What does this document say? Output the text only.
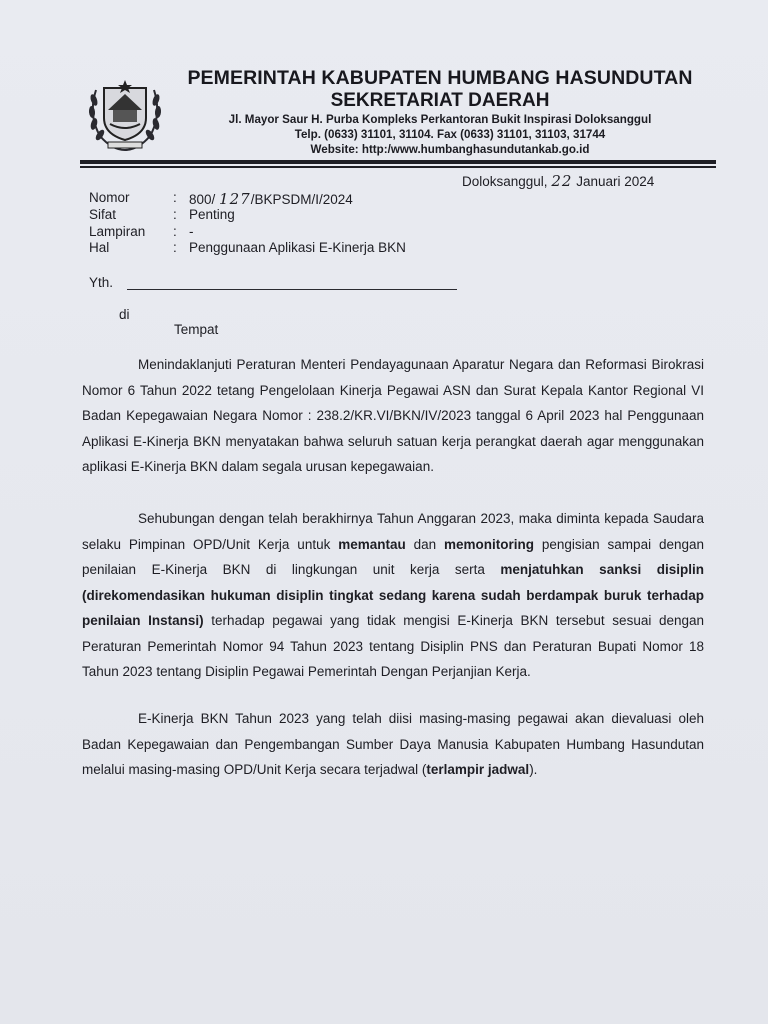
PEMERINTAH KABUPATEN HUMBANG HASUNDUTAN
SEKRETARIAT DAERAH
Jl. Mayor Saur H. Purba Kompleks Perkantoran Bukit Inspirasi Doloksanggul
Telp. (0633) 31101, 31104. Fax (0633) 31101, 31103, 31744
Website: http:/www.humbanghasundutankab.go.id
Doloksanggul, 22 Januari 2024
Nomor	: 800/ 127/BKPSDM/I/2024
Sifat	: Penting
Lampiran : -
Hal	: Penggunaan Aplikasi E-Kinerja BKN
Yth.
di
Tempat
Menindaklanjuti Peraturan Menteri Pendayagunaan Aparatur Negara dan Reformasi Birokrasi Nomor 6 Tahun 2022 tetang Pengelolaan Kinerja Pegawai ASN dan Surat Kepala Kantor Regional VI Badan Kepegawaian Negara Nomor : 238.2/KR.VI/BKN/IV/2023 tanggal 6 April 2023 hal Penggunaan Aplikasi E-Kinerja BKN menyatakan bahwa seluruh satuan kerja perangkat daerah agar menggunakan aplikasi E-Kinerja BKN dalam segala urusan kepegawaian.
Sehubungan dengan telah berakhirnya Tahun Anggaran 2023, maka diminta kepada Saudara selaku Pimpinan OPD/Unit Kerja untuk memantau dan memonitoring pengisian sampai dengan penilaian E-Kinerja BKN di lingkungan unit kerja serta menjatuhkan sanksi disiplin (direkomendasikan hukuman disiplin tingkat sedang karena sudah berdampak buruk terhadap penilaian Instansi) terhadap pegawai yang tidak mengisi E-Kinerja BKN tersebut sesuai dengan Peraturan Pemerintah Nomor 94 Tahun 2023 tentang Disiplin PNS dan Peraturan Bupati Nomor 18 Tahun 2023 tentang Disiplin Pegawai Pemerintah Dengan Perjanjian Kerja.
E-Kinerja BKN Tahun 2023 yang telah diisi masing-masing pegawai akan dievaluasi oleh Badan Kepegawaian dan Pengembangan Sumber Daya Manusia Kabupaten Humbang Hasundutan melalui masing-masing OPD/Unit Kerja secara terjadwal (terlampir jadwal).
